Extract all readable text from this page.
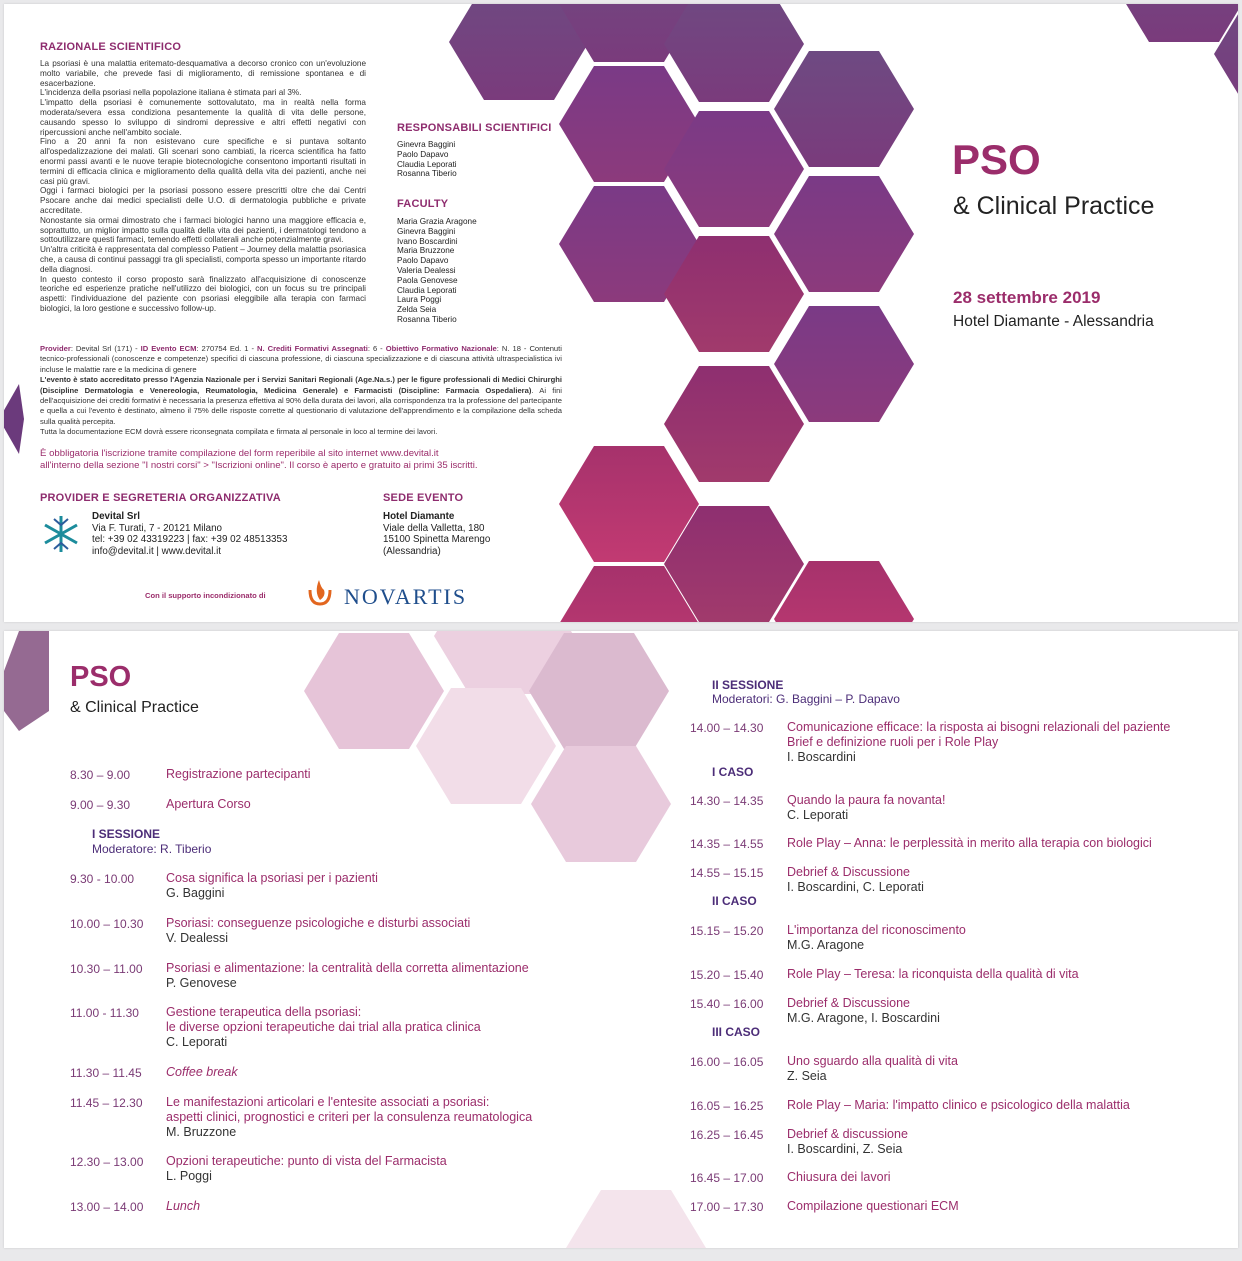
RAZIONALE SCIENTIFICO
La psoriasi è una malattia eritemato-desquamativa a decorso cronico con un'evoluzione molto variabile, che prevede fasi di miglioramento, di remissione spontanea e di esacerbazione.
L'incidenza della psoriasi nella popolazione italiana è stimata pari al 3%.
L'impatto della psoriasi è comunemente sottovalutato, ma in realtà nella forma moderata/severa essa condiziona pesantemente la qualità di vita delle persone, causando spesso lo sviluppo di sindromi depressive e altri effetti negativi con ripercussioni anche nell'ambito sociale.
Fino a 20 anni fa non esistevano cure specifiche e si puntava soltanto all'ospedalizzazione dei malati. Gli scenari sono cambiati, la ricerca scientifica ha fatto enormi passi avanti e le nuove terapie biotecnologiche consentono importanti risultati in termini di efficacia clinica e miglioramento della qualità della vita dei pazienti, anche nei casi più gravi.
Oggi i farmaci biologici per la psoriasi possono essere prescritti oltre che dai Centri Psocare anche dai medici specialisti delle U.O. di dermatologia pubbliche e private accreditate.
Nonostante sia ormai dimostrato che i farmaci biologici hanno una maggiore efficacia e, soprattutto, un miglior impatto sulla qualità della vita dei pazienti, i dermatologi tendono a sottoutilizzare questi farmaci, temendo effetti collaterali anche potenzialmente gravi.
Un'altra criticità è rappresentata dal complesso Patient – Journey della malattia psoriasica che, a causa di continui passaggi tra gli specialisti, comporta spesso un importante ritardo della diagnosi.
In questo contesto il corso proposto sarà finalizzato all'acquisizione di conoscenze teoriche ed esperienze pratiche nell'utilizzo dei biologici, con un focus su tre principali aspetti: l'individuazione del paziente con psoriasi eleggibile alla terapia con farmaci biologici, la loro gestione e successivo follow-up.
RESPONSABILI SCIENTIFICI
Ginevra Baggini
Paolo Dapavo
Claudia Leporati
Rosanna Tiberio
FACULTY
Maria Grazia Aragone
Ginevra Baggini
Ivano Boscardini
Maria Bruzzone
Paolo Dapavo
Valeria Dealessi
Paola Genovese
Claudia Leporati
Laura Poggi
Zelda Seia
Rosanna Tiberio
Provider: Devital Srl (171) - ID Evento ECM: 270754 Ed. 1 - N. Crediti Formativi Assegnati: 6 - Obiettivo Formativo Nazionale: N. 18 - Contenuti tecnico-professionali (conoscenze e competenze) specifici di ciascuna professione, di ciascuna specializzazione e di ciascuna attività ultraspecialistica ivi incluse le malattie rare e la medicina di genere
L'evento è stato accreditato presso l'Agenzia Nazionale per i Servizi Sanitari Regionali (Age.Na.s.) per le figure professionali di Medici Chirurghi (Discipline Dermatologia e Venereologia, Reumatologia, Medicina Generale) e Farmacisti (Discipline: Farmacia Ospedaliera). Ai fini dell'acquisizione dei crediti formativi è necessaria la presenza effettiva al 90% della durata dei lavori, alla corrispondenza tra la professione del partecipante e quella a cui l'evento è destinato, almeno il 75% delle risposte corrette al questionario di valutazione dell'apprendimento e la compilazione della scheda sulla qualità percepita.
Tutta la documentazione ECM dovrà essere riconsegnata compilata e firmata al personale in loco al termine dei lavori.
È obbligatoria l'iscrizione tramite compilazione del form reperibile al sito internet www.devital.it
all'interno della sezione "I nostri corsi" > "Iscrizioni online". Il corso è aperto e gratuito ai primi 35 iscritti.
PROVIDER E SEGRETERIA ORGANIZZATIVA
Devital Srl
Via F. Turati, 7 - 20121 Milano
tel: +39 02 43319223 | fax: +39 02 48513353
info@devital.it | www.devital.it
SEDE EVENTO
Hotel Diamante
Viale della Valletta, 180
15100 Spinetta Marengo
(Alessandria)
Con il supporto incondizionato di	NOVARTIS
PSO
& Clinical Practice
28 settembre 2019
Hotel Diamante - Alessandria
PSO
& Clinical Practice
8.30 – 9.00	Registrazione partecipanti
9.00 – 9.30	Apertura Corso
I SESSIONE
Moderatore: R. Tiberio
9.30 - 10.00	Cosa significa la psoriasi per i pazienti
G. Baggini
10.00 – 10.30 Psoriasi: conseguenze psicologiche e disturbi associati
V. Dealessi
10.30 – 11.00 Psoriasi e alimentazione: la centralità della corretta alimentazione
P. Genovese
11.00 - 11.30 Gestione terapeutica della psoriasi:
le diverse opzioni terapeutiche dai trial alla pratica clinica
C. Leporati
11.30 – 11.45 Coffee break
11.45 – 12.30 Le manifestazioni articolari e l'entesite associati a psoriasi:
aspetti clinici, prognostici e criteri per la consulenza reumatologica
M. Bruzzone
12.30 – 13.00 Opzioni terapeutiche: punto di vista del Farmacista
L. Poggi
13.00 – 14.00 Lunch
II SESSIONE
Moderatori: G. Baggini – P. Dapavo
14.00 – 14.30 Comunicazione efficace: la risposta ai bisogni relazionali del paziente
Brief e definizione ruoli per i Role Play
I. Boscardini
I CASO
14.30 – 14.35 Quando la paura fa novanta!
C. Leporati
14.35 – 14.55 Role Play – Anna: le perplessità in merito alla terapia con biologici
14.55 – 15.15 Debrief & Discussione
I. Boscardini, C. Leporati
II CASO
15.15 – 15.20 L'importanza del riconoscimento
M.G. Aragone
15.20 – 15.40 Role Play – Teresa: la riconquista della qualità di vita
15.40 – 16.00 Debrief & Discussione
M.G. Aragone, I. Boscardini
III CASO
16.00 – 16.05 Uno sguardo alla qualità di vita
Z. Seia
16.05 – 16.25 Role Play – Maria: l'impatto clinico e psicologico della malattia
16.25 – 16.45 Debrief & discussione
I. Boscardini, Z. Seia
16.45 – 17.00 Chiusura dei lavori
17.00 – 17.30 Compilazione questionari ECM
